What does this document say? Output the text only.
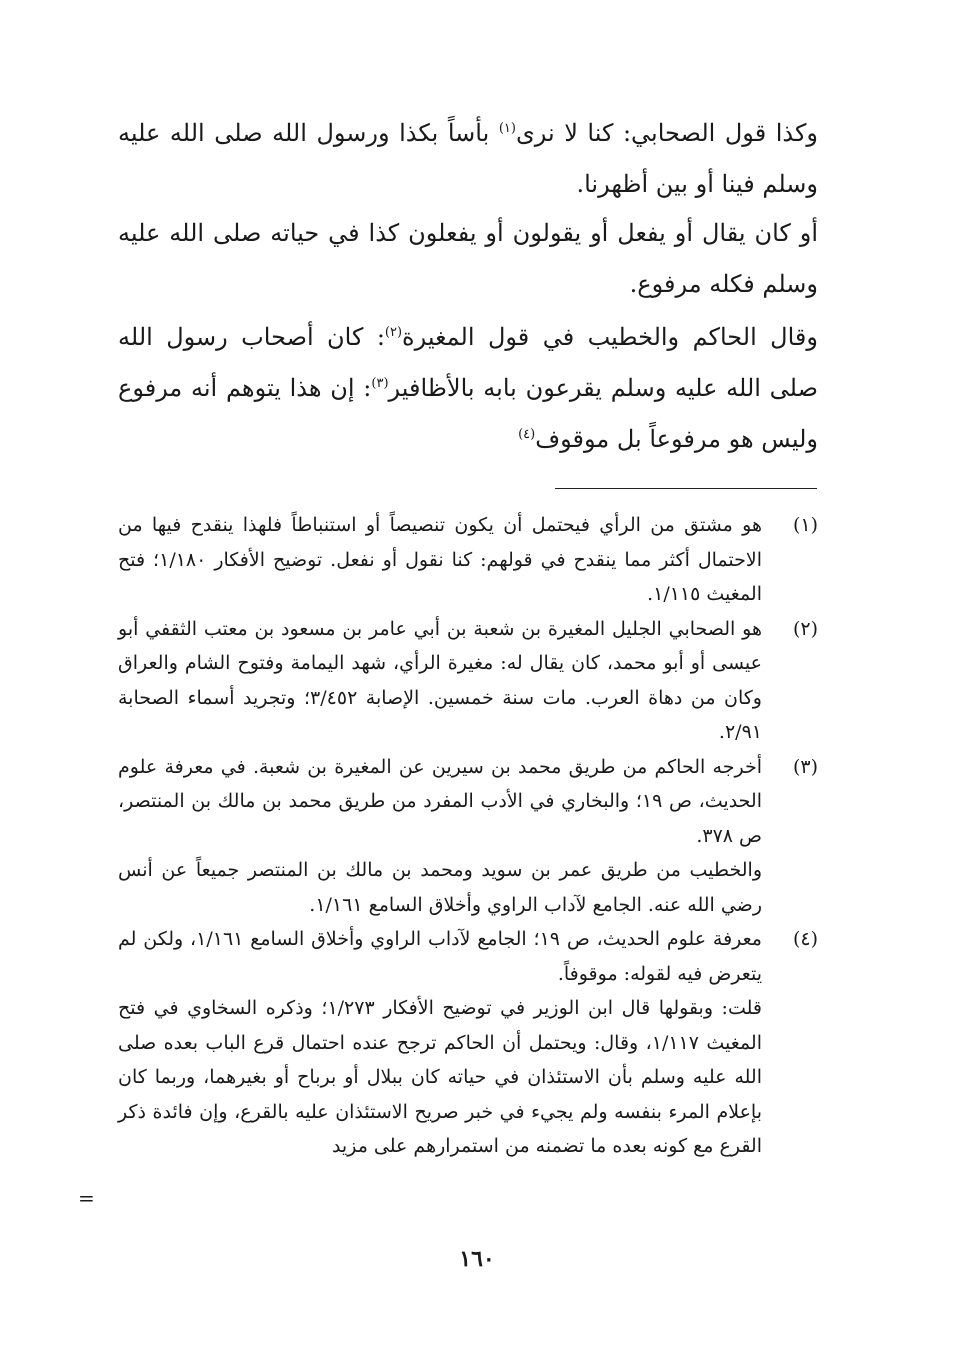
وكذا قول الصحابي: كنا لا نرى$^{(١)}$ بأساً بكذا ورسول الله صلى الله عليه وسلم فينا أو بين أظهرنا.

أو كان يقال أو يفعل أو يقولون أو يفعلون كذا في حياته صلى الله عليه وسلم فكله مرفوع.

وقال الحاكم والخطيب في قول المغيرة$^{(٢)}$: كان أصحاب رسول الله صلى الله عليه وسلم يقرعون بابه بالأظافير$^{(٣)}$: إن هذا يتوهم أنه مرفوع وليس هو مرفوعاً بل موقوف$^{(٤)}$

(١)
هو مشتق من الرأي فيحتمل أن يكون تنصيصاً أو استنباطاً فلهذا ينقدح فيها من الاحتمال أكثر مما ينقدح في قولهم: كنا نقول أو نفعل. توضيح الأفكار ١/١٨٠؛ فتح المغيث ١/١١٥.

(٢)
هو الصحابي الجليل المغيرة بن شعبة بن أبي عامر بن مسعود بن معتب الثقفي أبو عيسى أو أبو محمد، كان يقال له: مغيرة الرأي، شهد اليمامة وفتوح الشام والعراق وكان من دهاة العرب. مات سنة خمسين. الإصابة ٣/٤٥٢؛ وتجريد أسماء الصحابة ٢/٩١.

(٣)
أخرجه الحاكم من طريق محمد بن سيرين عن المغيرة بن شعبة. في معرفة علوم الحديث، ص ١٩؛ والبخاري في الأدب المفرد من طريق محمد بن مالك بن المنتصر، ص ٣٧٨.

والخطيب من طريق عمر بن سويد ومحمد بن مالك بن المنتصر جميعاً عن أنس رضي الله عنه. الجامع لآداب الراوي وأخلاق السامع ١/١٦١.

(٤)
معرفة علوم الحديث، ص ١٩؛ الجامع لآداب الراوي وأخلاق السامع ١/١٦١، ولكن لم يتعرض فيه لقوله: موقوفاً.

قلت: وبقولها قال ابن الوزير في توضيح الأفكار ١/٢٧٣؛ وذكره السخاوي في فتح المغيث ١/١١٧، وقال: ويحتمل أن الحاكم ترجح عنده احتمال قرع الباب بعده صلى الله عليه وسلم بأن الاستئذان في حياته كان ببلال أو برباح أو بغيرهما، وربما كان بإعلام المرء بنفسه ولم يجيء في خبر صريح الاستئذان عليه بالقرع، وإن فائدة ذكر القرع مع كونه بعده ما تضمنه من استمرارهم على مزيد

=
١٦٠
